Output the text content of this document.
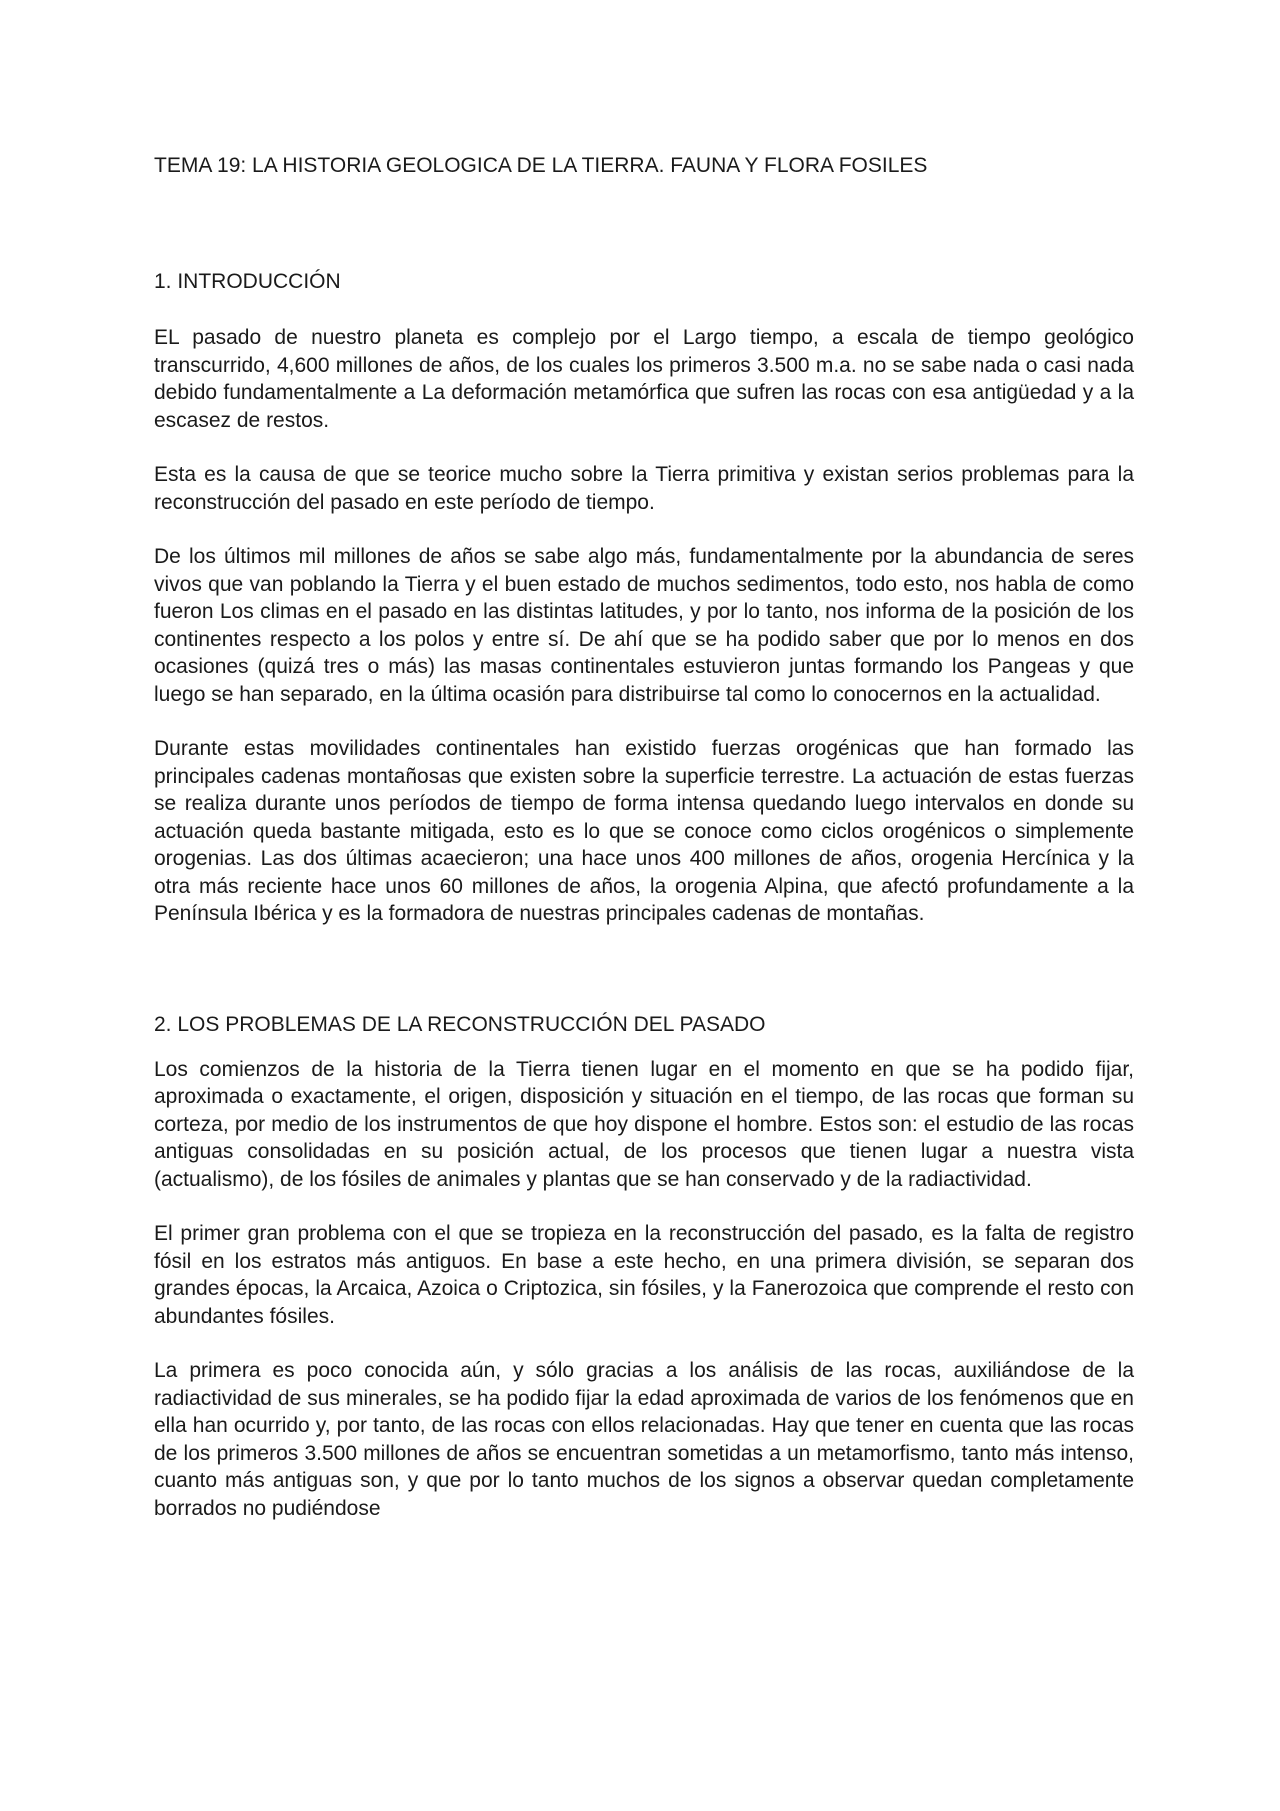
TEMA 19: LA HISTORIA GEOLOGICA DE LA TIERRA. FAUNA Y FLORA FOSILES
1. INTRODUCCIÓN

EL pasado de nuestro planeta es complejo por el Largo tiempo, a escala de tiempo geológico transcurrido, 4,600 millones de años, de los cuales los primeros 3.500 m.a. no se sabe nada o casi nada debido fundamentalmente a La deformación metamórfica que sufren las rocas con esa antigüedad y a la escasez de restos.

Esta es la causa de que se teorice mucho sobre la Tierra primitiva y existan serios problemas para la reconstrucción del pasado en este período de tiempo.

De los últimos mil millones de años se sabe algo más, fundamentalmente por la abundancia de seres vivos que van poblando la Tierra y el buen estado de muchos sedimentos, todo esto, nos habla de como fueron Los climas en el pasado en las distintas latitudes, y por lo tanto, nos informa de la posición de los continentes respecto a los polos y entre sí. De ahí que se ha podido saber que por lo menos en dos ocasiones (quizá tres o más) las masas continentales estuvieron juntas formando los Pangeas y que luego se han separado, en la última ocasión para distribuirse tal como lo conocernos en la actualidad.

Durante estas movilidades continentales han existido fuerzas orogénicas que han formado las principales cadenas montañosas que existen sobre la superficie terrestre. La actuación de estas fuerzas se realiza durante unos períodos de tiempo de forma intensa quedando luego intervalos en donde su actuación queda bastante mitigada, esto es lo que se conoce como ciclos orogénicos o simplemente orogenias. Las dos últimas acaecieron; una hace unos 400 millones de años, orogenia Hercínica y la otra más reciente hace unos 60 millones de años, la orogenia Alpina, que afectó profundamente a la Península Ibérica y es la formadora de nuestras principales cadenas de montañas.

2. LOS PROBLEMAS DE LA RECONSTRUCCIÓN DEL PASADO

Los comienzos de la historia de la Tierra tienen lugar en el momento en que se ha podido fijar, aproximada o exactamente, el origen, disposición y situación en el tiempo, de las rocas que forman su corteza, por medio de los instrumentos de que hoy dispone el hombre. Estos son: el estudio de las rocas antiguas consolidadas en su posición actual, de los procesos que tienen lugar a nuestra vista (actualismo), de los fósiles de animales y plantas que se han conservado y de la radiactividad.

El primer gran problema con el que se tropieza en la reconstrucción del pasado, es la falta de registro fósil en los estratos más antiguos. En base a este hecho, en una primera división, se separan dos grandes épocas, la Arcaica, Azoica o Criptozica, sin fósiles, y la Fanerozoica que comprende el resto con abundantes fósiles.

La primera es poco conocida aún, y sólo gracias a los análisis de las rocas, auxiliándose de la radiactividad de sus minerales, se ha podido fijar la edad aproximada de varios de los fenómenos que en ella han ocurrido y, por tanto, de las rocas con ellos relacionadas. Hay que tener en cuenta que las rocas de los primeros 3.500 millones de años se encuentran sometidas a un metamorfismo, tanto más intenso, cuanto más antiguas son, y que por lo tanto muchos de los signos a observar quedan completamente borrados no pudiéndose
